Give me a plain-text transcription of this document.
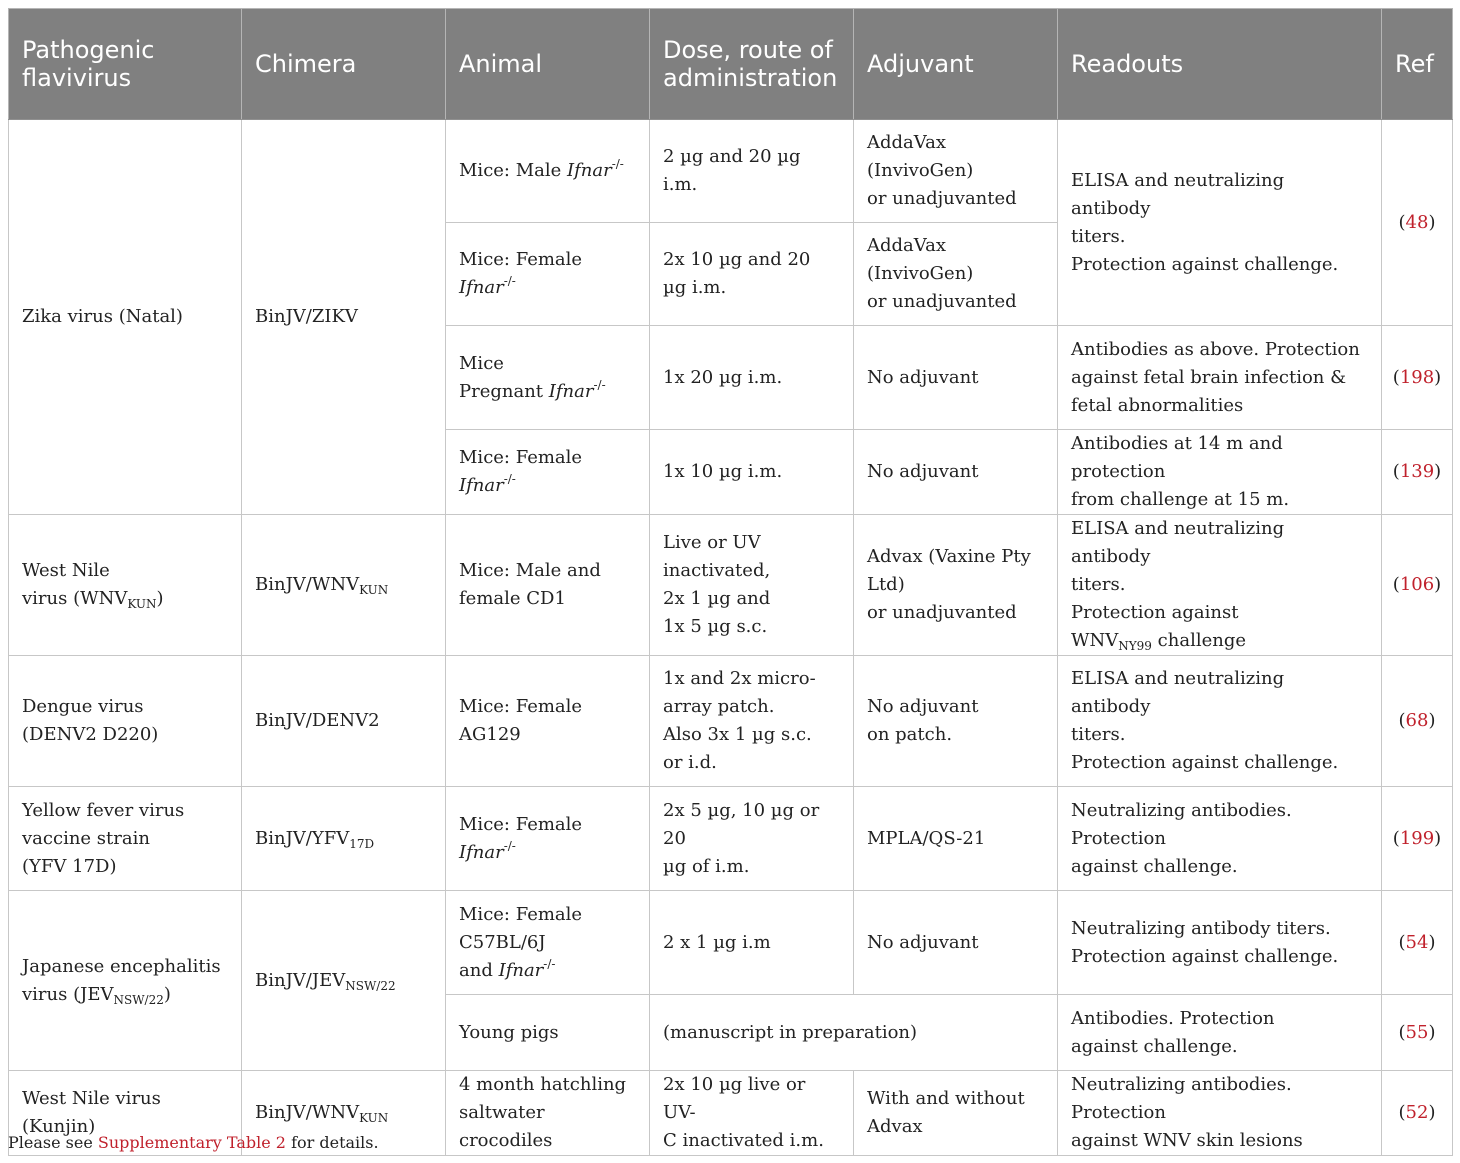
Pathogenic flavivirus	Chimera	Animal	Dose, route of administration	Adjuvant	Readouts	Ref
Zika virus (Natal)	BinJV/ZIKV	Mice: Male Ifnar-/-	2 µg and 20 µg i.m.	AddaVax
(InvivoGen)
or unadjuvanted	ELISA and neutralizing antibody
titers.
Protection against challenge.	(48)
		Mice: Female Ifnar-/-	2x 10 µg and 20
µg i.m.	AddaVax
(InvivoGen)
or unadjuvanted		
		Mice
Pregnant Ifnar-/-	1x 20 µg i.m.	No adjuvant	Antibodies as above. Protection
against fetal brain infection &
fetal abnormalities	(198)
		Mice: Female Ifnar-/-	1x 10 µg i.m.	No adjuvant	Antibodies at 14 m and protection
from challenge at 15 m.	(139)
West Nile
virus $(WNV_{KUN})$	BinJV/$WNV_{KUN}$	Mice: Male and
female CD1	Live or UV
inactivated,
2x 1 µg and
1x 5 µg s.c.	Advax (Vaxine Pty
Ltd)
or unadjuvanted	ELISA and neutralizing antibody
titers.
Protection against
$WNV_{NY99}$ challenge	(106)
Dengue virus
(DENV2 D220)	BinJV/DENV2	Mice: Female AG129	1x and 2x micro-
array patch.
Also 3x 1 µg s.c.
or i.d.	No adjuvant
on patch.	ELISA and neutralizing antibody
titers.
Protection against challenge.	(68)
Yellow fever virus
vaccine strain
(YFV 17D)	BinJV/$YFV_{17D}$	Mice: Female Ifnar-/-	2x 5 µg, 10 µg or 20
µg of i.m.	MPLA/QS-21	Neutralizing antibodies. Protection
against challenge.	(199)
Japanese encephalitis
virus $(JEV_{NSW/22})$	BinJV/$JEV_{NSW/22}$	Mice: Female
C57BL/6J
and Ifnar-/-	2 x 1 µg i.m	No adjuvant	Neutralizing antibody titers.
Protection against challenge.	(54)
		Young pigs	(manuscript in preparation)		Antibodies. Protection
against challenge.	(55)
West Nile virus (Kunjin)	BinJV/$WNV_{KUN}$	4 month hatchling
saltwater crocodiles	2x 10 µg live or UV-
C inactivated i.m.	With and without
Advax	Neutralizing antibodies. Protection
against WNV skin lesions	(52)
Please see Supplementary Table 2 for details.
